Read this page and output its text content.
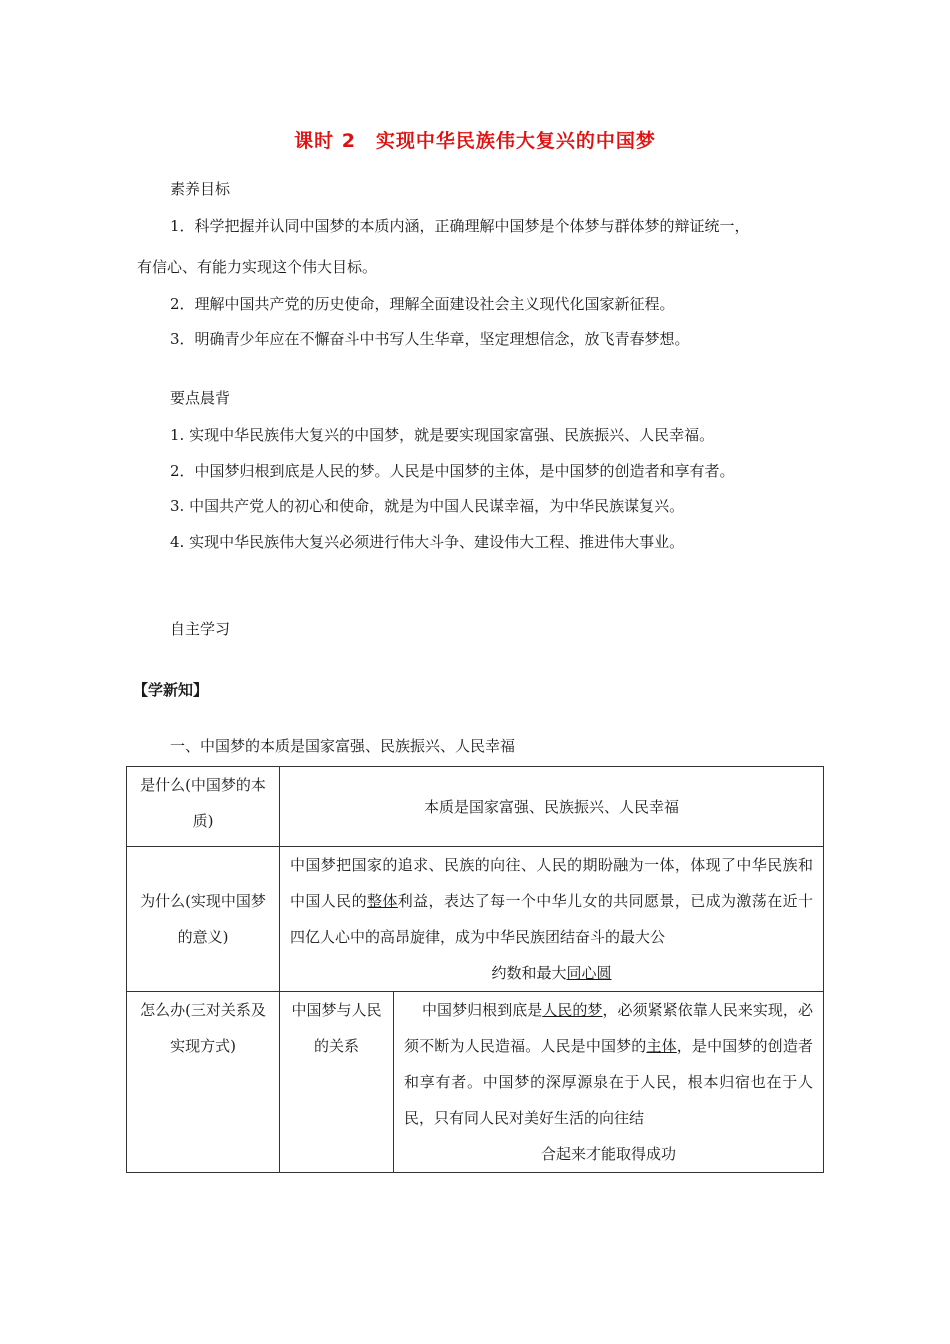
课时 2　实现中华民族伟大复兴的中国梦
素养目标
1．科学把握并认同中国梦的本质内涵，正确理解中国梦是个体梦与群体梦的辩证统一，
有信心、有能力实现这个伟大目标。
2．理解中国共产党的历史使命，理解全面建设社会主义现代化国家新征程。
3．明确青少年应在不懈奋斗中书写人生华章，坚定理想信念，放飞青春梦想。
要点晨背
1. 实现中华民族伟大复兴的中国梦，就是要实现国家富强、民族振兴、人民幸福。
2．中国梦归根到底是人民的梦。人民是中国梦的主体，是中国梦的创造者和享有者。
3. 中国共产党人的初心和使命，就是为中国人民谋幸福，为中华民族谋复兴。
4. 实现中华民族伟大复兴必须进行伟大斗争、建设伟大工程、推进伟大事业。
自主学习
【学新知】
一、中国梦的本质是国家富强、民族振兴、人民幸福
是什么(中国梦的本质)	本质是国家富强、民族振兴、人民幸福	
为什么(实现中国梦的意义)	中国梦把国家的追求、民族的向往、人民的期盼融为一体，体现了中华民族和中国人民的整体利益，表达了每一个中华儿女的共同愿景，已成为激荡在近十四亿人心中的高昂旋律，成为中华民族团结奋斗的最大公
约数和最大同心圆	

怎么办(三对关系及实现方式)	中国梦与人民的关系	中国梦归根到底是人民的梦，必须紧紧依靠人民来实现，必须不断为人民造福。人民是中国梦的主体，是中国梦的创造者和享有者。中国梦的深厚源泉在于人民，根本归宿也在于人民，只有同人民对美好生活的向往结
合起来才能取得成功
